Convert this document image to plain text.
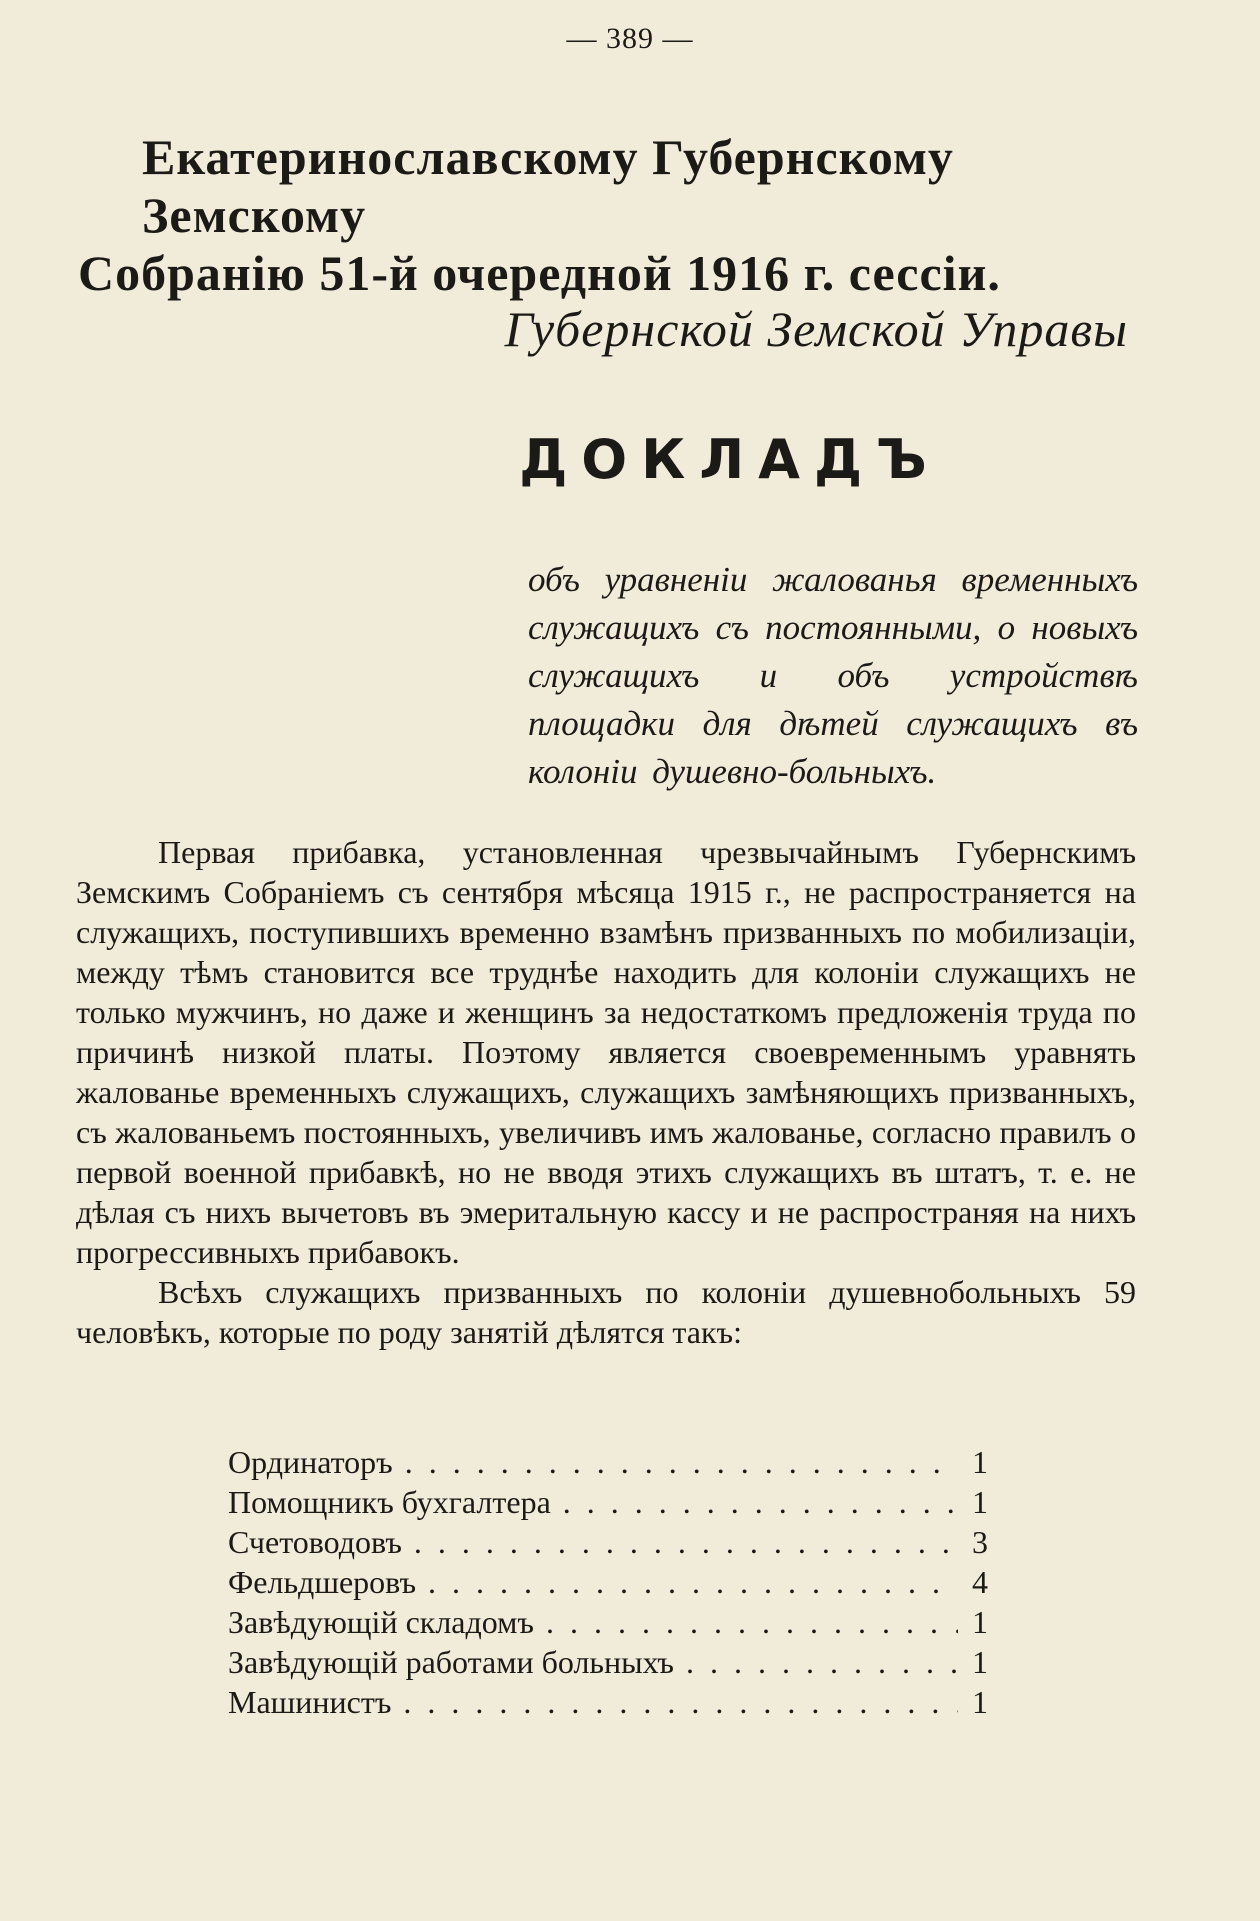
— 389 —
Екатеринославскому Губернскому Земскому
Собранію 51-й очередной 1916 г. сессіи.
Губернской Земской Управы
ДОКЛАДЪ
объ уравненіи жалованья временныхъ служащихъ съ постоянными, о новыхъ служащихъ и объ устройствѣ площадки для дѣтей служащихъ въ колоніи душевно-больныхъ.

Первая прибавка, установленная чрезвычайнымъ Губернскимъ Земскимъ Собраніемъ съ сентября мѣсяца 1915 г., не распространяется на служащихъ, поступившихъ временно взамѣнъ призванныхъ по мобилизаціи, между тѣмъ становится все труднѣе находить для колоніи служащихъ не только мужчинъ, но даже и женщинъ за недостаткомъ предложенія труда по причинѣ низкой платы. Поэтому является своевременнымъ уравнять жалованье временныхъ служащихъ, служащихъ замѣняющихъ призванныхъ, съ жалованьемъ постоянныхъ, увеличивъ имъ жалованье, согласно правилъ о первой военной прибавкѣ, но не вводя этихъ служащихъ въ штатъ, т. е. не дѣлая съ нихъ вычетовъ въ эмеритальную кассу и не распространяя на нихъ прогрессивныхъ прибавокъ.

Всѣхъ служащихъ призванныхъ по колоніи душевнобольныхъ 59 человѣкъ, которые по роду занятій дѣлятся такъ:

Ординаторъ . . .	1
Помощникъ бухгалтера . . .	1
Счетоводовъ . . .	3
Фельдшеровъ . . .	4
Завѣдующій складомъ . . .	1
Завѣдующій работами больныхъ . . .	1
Машинистъ . . .	1
